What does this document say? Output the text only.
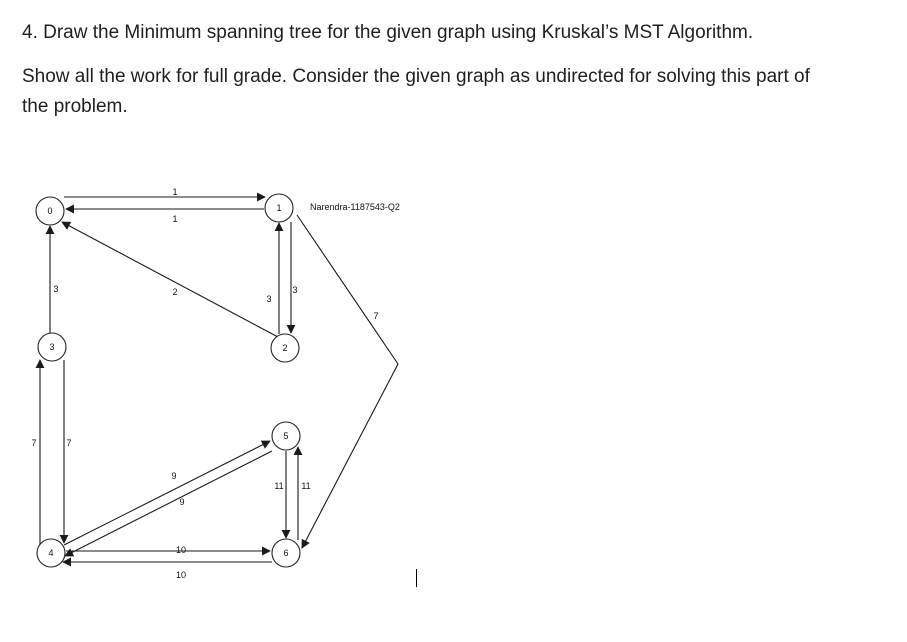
4. Draw the Minimum spanning tree for the given graph using Kruskal’s MST Algorithm.

Show all the work for full grade. Consider the given graph as undirected for solving this part of

the problem.

0	1
2
3
4
5
6
1
1
2
3
3
3
7	7
9
9
10
10
11 11
7
Narendra-1187543-Q2
